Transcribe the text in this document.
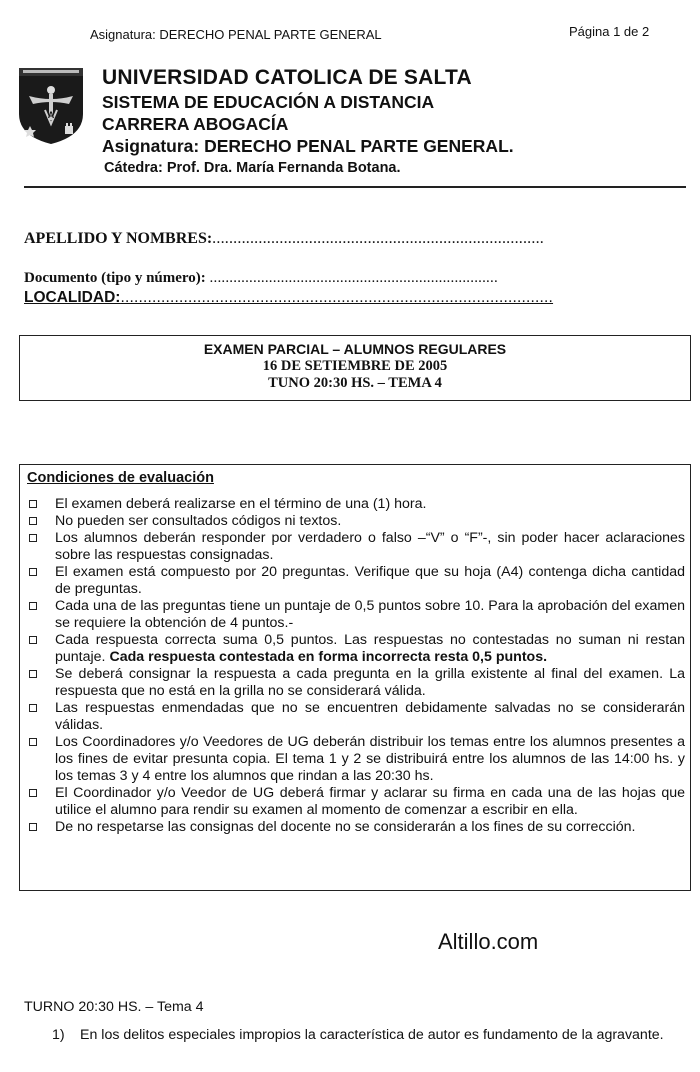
Asignatura: DERECHO PENAL PARTE GENERAL	Página 1 de 2
A
UNIVERSIDAD CATOLICA DE SALTA
SISTEMA DE EDUCACIÓN A DISTANCIA
CARRERA ABOGACÍA
Asignatura: DERECHO PENAL PARTE GENERAL.
Cátedra: Prof. Dra. María Fernanda Botana.
APELLIDO Y NOMBRES:...............................................................................
Documento (tipo y número): .........................................................................
LOCALIDAD:................................................................................................
EXAMEN PARCIAL – ALUMNOS REGULARES
16 DE SETIEMBRE DE 2005
TUNO 20:30 HS. – TEMA 4
Condiciones de evaluación
El examen deberá realizarse en el término de una (1) hora.
No pueden ser consultados códigos ni textos.
Los alumnos deberán responder por verdadero o falso –“V” o “F”-, sin poder hacer aclaraciones sobre las respuestas consignadas.
El examen está compuesto por 20 preguntas. Verifique que su hoja (A4) contenga dicha cantidad de preguntas.
Cada una de las preguntas tiene un puntaje de 0,5 puntos sobre 10. Para la aprobación del examen se requiere la obtención de 4 puntos.-
Cada respuesta correcta suma 0,5 puntos. Las respuestas no contestadas no suman ni restan puntaje. Cada respuesta contestada en forma incorrecta resta 0,5 puntos.
Se deberá consignar la respuesta a cada pregunta en la grilla existente al final del examen. La respuesta que no está en la grilla no se considerará válida.
Las respuestas enmendadas que no se encuentren debidamente salvadas no se considerarán válidas.
Los Coordinadores y/o Veedores de UG deberán distribuir los temas entre los alumnos presentes a los fines de evitar presunta copia. El tema 1 y 2 se distribuirá entre los alumnos de las 14:00 hs. y los temas 3 y 4 entre los alumnos que rindan a las 20:30 hs.
El Coordinador y/o Veedor de UG deberá firmar y aclarar su firma en cada una de las hojas que utilice el alumno para rendir su examen al momento de comenzar a escribir en ella.
De no respetarse las consignas del docente no se considerarán a los fines de su corrección.
Altillo.com
TURNO 20:30 HS. – Tema 4
1) En los delitos especiales impropios la característica de autor es fundamento de la agravante.
